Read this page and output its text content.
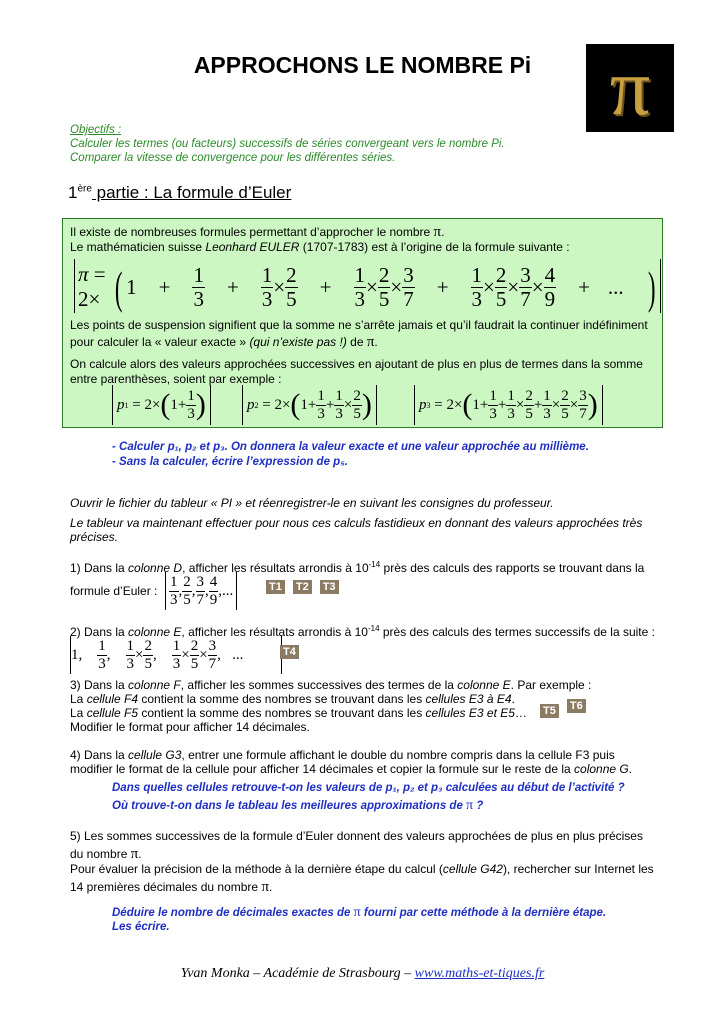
APPROCHONS LE NOMBRE Pi π
Objectifs :
Calculer les termes (ou facteurs) successifs de séries convergeant vers le nombre Pi.
Comparer la vitesse de convergence pour les différentes séries.
1ère partie : La formule d’Euler
Il existe de nombreuses formules permettant d’approcher le nombre π.
Le mathématicien suisse Leonhard EULER (1707-1783) est à l’origine de la formule suivante :
π = 2× ( $1 + \frac{1}{3} + \frac{1}{3} \times \frac{2}{5} + \frac{1}{3} \times \frac{2}{5} \times \frac{3}{7} + \frac{1}{3} \times \frac{2}{5} \times \frac{3}{7} \times \frac{4}{9}$ + ... )
Les points de suspension signifient que la somme ne s’arrête jamais et qu’il faudrait la continuer indéfiniment
pour calculer la « valeur exacte » (qui n’existe pas !) de π.
On calcule alors des valeurs approchées successives en ajoutant de plus en plus de termes dans la somme
entre parenthèses, soient par exemple :
p 1 = 2× ( $1+ \frac{1}{3}$ )	p 2 = 2× ( $1+ \frac{1}{3} + \frac{1}{3} \times \frac{2}{5}$ )	p 3 = 2× ( $1+ \frac{1}{3} + \frac{1}{3} \times \frac{2}{5} + \frac{1}{3} \times \frac{2}{5} \times \frac{3}{7}$ )
- Calculer p₁, p₂ et p₃. On donnera la valeur exacte et une valeur approchée au millième.
- Sans la calculer, écrire l’expression de p₅.
Ouvrir le fichier du tableur « PI » et réenregistrer-le en suivant les consignes du professeur.
Le tableur va maintenant effectuer pour nous ces calculs fastidieux en donnant des valeurs approchées très
précises.
1) Dans la colonne D, afficher les résultats arrondis à $10^{-14}$ près des calculs des rapports se trouvant dans la
formule d’Euler : $\frac{1}{3}$ , $\frac{2}{5}$ , $\frac{3}{7}$ , $\frac{4}{9}$ ,...	T1 T2 T3
2) Dans la colonne E, afficher les résultats arrondis à $10^{-14}$ près des calculs des termes successifs de la suite :
1, $\frac{1}{3}$ , $\frac{1}{3} \times \frac{2}{5}$ , $\frac{1}{3} \times \frac{2}{5} \times \frac{3}{7}$ ,   ...	T4
3) Dans la colonne F, afficher les sommes successives des termes de la colonne E. Par exemple :
La cellule F4 contient la somme des nombres se trouvant dans les cellules E3 à E4.
La cellule F5 contient la somme des nombres se trouvant dans les cellules E3 et E5…
Modifier le format pour afficher 14 décimales.
T5 T6
4) Dans la cellule G3, entrer une formule affichant le double du nombre compris dans la cellule F3 puis
modifier le format de la cellule pour afficher 14 décimales et copier la formule sur le reste de la colonne G.
Dans quelles cellules retrouve-t-on les valeurs de p₁, p₂ et p₃ calculées au début de l’activité ?
Où trouve-t-on dans le tableau les meilleures approximations de π ?
5) Les sommes successives de la formule d’Euler donnent des valeurs approchées de plus en plus précises
du nombre π.
Pour évaluer la précision de la méthode à la dernière étape du calcul (cellule G42), rechercher sur Internet les
14 premières décimales du nombre π.
Déduire le nombre de décimales exactes de π fourni par cette méthode à la dernière étape.
Les écrire.
Yvan Monka – Académie de Strasbourg – www.maths-et-tiques.fr
